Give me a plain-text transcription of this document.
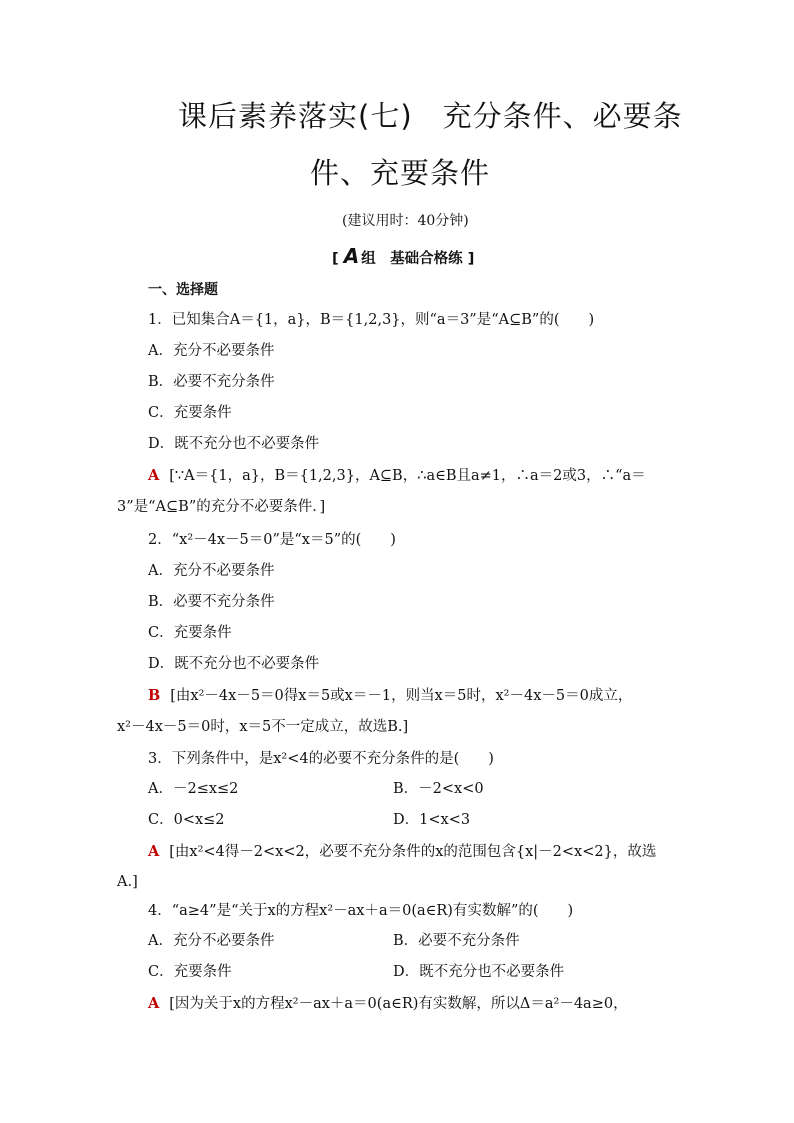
课后素养落实(七)　充分条件、必要条
件、充要条件
(建议用时：40分钟)
[ A 组　基础合格练 ]
一、选择题
1．已知集合A＝{1，a}，B＝{1,2,3}，则“a＝3”是“A⊆B”的(　　)
A．充分不必要条件
B．必要不充分条件
C．充要条件
D．既不充分也不必要条件
A [∵A＝{1，a}，B＝{1,2,3}，A⊆B，∴a∈B且a≠1，∴a＝2或3，∴“a＝
3”是“A⊆B”的充分不必要条件．]
2．“x²－4x－5＝0”是“x＝5”的(　　)
A．充分不必要条件
B．必要不充分条件
C．充要条件
D．既不充分也不必要条件
B [由x²－4x－5＝0得x＝5或x＝－1，则当x＝5时，x²－4x－5＝0成立，
x²－4x－5＝0时，x＝5不一定成立，故选B.]
3．下列条件中，是x²<4的必要不充分条件的是(　　)
A．－2≤x≤2	B．－2<x<0
C．0<x≤2	D．1<x<3
A [由x²<4得－2<x<2，必要不充分条件的x的范围包含{x|－2<x<2}，故选
A.]
4．“a≥4”是“关于x的方程x²－ax＋a＝0(a∈R)有实数解”的(　　)
A．充分不必要条件	B．必要不充分条件
C．充要条件	D．既不充分也不必要条件
A [因为关于x的方程x²－ax＋a＝0(a∈R)有实数解，所以Δ＝a²－4a≥0，
